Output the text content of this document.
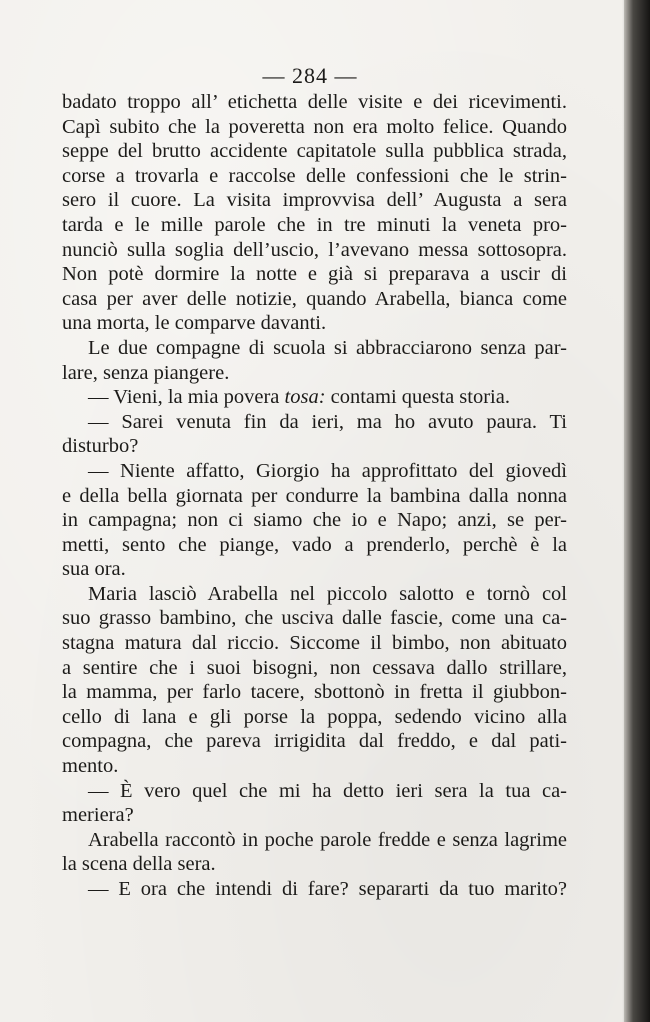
— 284 —
badato troppo all’ etichetta delle visite e dei ricevimenti.
Capì subito che la poveretta non era molto felice. Quando
seppe del brutto accidente capitatole sulla pubblica strada,
corse a trovarla e raccolse delle confessioni che le strin-
sero il cuore. La visita improvvisa dell’ Augusta a sera
tarda e le mille parole che in tre minuti la veneta pro-
nunciò sulla soglia dell’uscio, l’avevano messa sottosopra.
Non potè dormire la notte e già si preparava a uscir di
casa per aver delle notizie, quando Arabella, bianca come
una morta, le comparve davanti.
Le due compagne di scuola si abbracciarono senza par-
lare, senza piangere.
— Vieni, la mia povera tosa: contami questa storia.
— Sarei venuta fin da ieri, ma ho avuto paura. Ti
disturbo?
— Niente affatto, Giorgio ha approfittato del giovedì
e della bella giornata per condurre la bambina dalla nonna
in campagna; non ci siamo che io e Napo; anzi, se per-
metti, sento che piange, vado a prenderlo, perchè è la
sua ora.
Maria lasciò Arabella nel piccolo salotto e tornò col
suo grasso bambino, che usciva dalle fascie, come una ca-
stagna matura dal riccio. Siccome il bimbo, non abituato
a sentire che i suoi bisogni, non cessava dallo strillare,
la mamma, per farlo tacere, sbottonò in fretta il giubbon-
cello di lana e gli porse la poppa, sedendo vicino alla
compagna, che pareva irrigidita dal freddo, e dal pati-
mento.
— È vero quel che mi ha detto ieri sera la tua ca-
meriera?
Arabella raccontò in poche parole fredde e senza lagrime
la scena della sera.
— E ora che intendi di fare? separarti da tuo marito?
